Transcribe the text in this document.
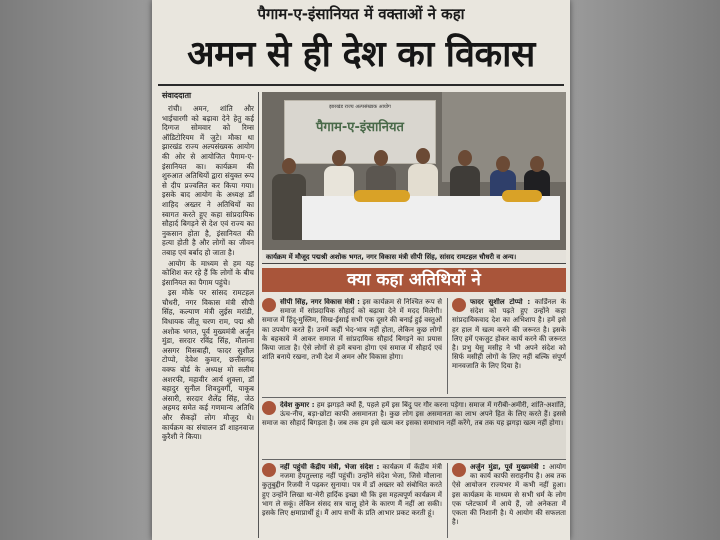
पैगाम-ए-इंसानियत में वक्ताओं ने कहा
अमन से ही देश का विकास
संवाददाता

रांची। अमन, शांति और भाईचारगी को बढ़ावा देने हेतु कई दिग्गज सोमवार को रिम्स ऑडिटोरियम में जुटे। मौका था झारखंड राज्य अल्पसंख्यक आयोग की ओर से आयोजित पैगाम-ए-इंसानियत का। कार्यक्रम की शुरुआत अतिथियों द्वारा संयुक्त रूप से दीप प्रज्वलित कर किया गया। इसके बाद आयोग के अध्यक्ष डॉ शाहिद अख्तर ने अतिथियों का स्वागत करते हुए कहा सांप्रदायिक सौहार्द बिगड़ने से देश एवं राज्य का नुकसान होता है, इंसानियत की हत्या होती है और लोगों का जीवन तबाह एवं बर्बाद हो जाता है।

आयोग के माध्यम से हम यह कोशिश कर रहे हैं कि लोगों के बीच इंसानियत का पैगाम पहुंचे।

इस मौके पर सांसद रामटहल चौधरी, नगर विकास मंत्री सीपी सिंह, कल्याण मंत्री लुईस मरांडी, विधायक जीतू चरण राम, पद्म श्री अशोक भगत, पूर्व मुख्यमंत्री अर्जुन मुंडा, सरदार रविंद्र सिंह, मौलाना असगर मिसबाही, फादर सुशील टोप्पो, देवेश कुमार, छत्तीसगढ़ वक्फ बोर्ड के अध्यक्ष मो सलीम अशरफी, महावीर आर्य शुक्ला, डॉ बहादुर सुनील शिवदुवर्गी, याकूब अंसारी, सरदार शैलेंद्र सिंह, जेठ अहमद समेत कई गणमान्य अतिथि और सैकड़ों लोग मौजूद थे। कार्यक्रम का संचालन डॉ शाहनवाज कुरैशी ने किया।

झारखंड राज्य अल्पसंख्यक आयोग
पैगाम-ए-इंसानियत
कार्यक्रम में मौजूद पद्मश्री अशोक भगत, नगर विकास मंत्री सीपी सिंह, सांसद रामटहल चौधरी व अन्य।
क्या कहा अतिथियों ने
सीपी सिंह, नगर विकास मंत्री : इस कार्यक्रम से निश्चित रूप से समाज में सांप्रदायिक सौहार्द को बढ़ावा देने में मदद मिलेगी। समाज में हिंदू-मुस्लिम, सिख-ईसाई सभी एक दूसरे की बनाई हुई वस्तुओं का उपयोग करते हैं। उनमें कहीं भेद-भाव नहीं होता, लेकिन कुछ लोगों के बहकावे में आकर समाज में सांप्रदायिक सौहार्द बिगड़ने का प्रयास किया जाता है। ऐसे लोगों से हमें बचना होगा एवं समाज में सौहार्द एवं शांति बनाये रखना, तभी देश में अमन और विकास होगा।
फादर सुशील टोप्पो : कार्डिनल के संदेश को पढ़ते हुए उन्होंने कहा सांप्रदायिकवाद देश का अभिशाप है। हमें इसे हर हाल में खत्म करने की जरूरत है। इसके लिए हमें एकजुट होकर कार्य करने की जरूरत है। प्रभु येसु मसीह ने भी अपने संदेश को सिर्फ मसीही लोगों के लिए नहीं बल्कि संपूर्ण मानवजाति के लिए दिया है।
देवेश कुमार : हम झगड़ते क्यों हैं, पहले हमें इस बिंदु पर गौर करना पड़ेगा। समाज में गरीबी-अमीरी, शांति-अशांति, ऊंच-नीच, बड़ा-छोटा काफी असमानता है। कुछ लोग इस असमानता का लाभ अपने हित के लिए करते हैं। इससे समाज का सौहार्द बिगड़ता है। जब तक हम इसे खत्म कर इसका समाधान नहीं करेंगे, तब तक यह झगड़ा खत्म नहीं होगा।
नहीं पहुंची केंद्रीय मंत्री, भेजा संदेश : कार्यक्रम में केंद्रीय मंत्री नजमा हेपतुल्लाह नहीं पहुंचीं। उन्होंने संदेश भेजा, जिसे मौलाना कुतुबुद्दीन रिजवी ने पढ़कर सुनाया। पत्र में डॉ अख्तर को संबोधित करते हुए उन्होंने लिखा था-मेरी हार्दिक इच्छा थी कि इस महत्वपूर्ण कार्यक्रम में भाग ले सकूं। लेकिन संसद सत्र चालू होने के कारण मैं नहीं आ सकी। इसके लिए क्षमाप्रार्थी हूं। मैं आप सभी के प्रति आभार प्रकट करती हूं।
अर्जुन मुंडा, पूर्व मुख्यमंत्री : आयोग का कार्य काफी सराहनीय है। अब तक ऐसे आयोजन राज्यभर में कभी नहीं हुआ। इस कार्यक्रम के माध्यम से सभी धर्म के लोग एक प्लेटफार्म में आये हैं, जो अनेकता में एकता की निशानी है। ये आयोग की सफलता है।
